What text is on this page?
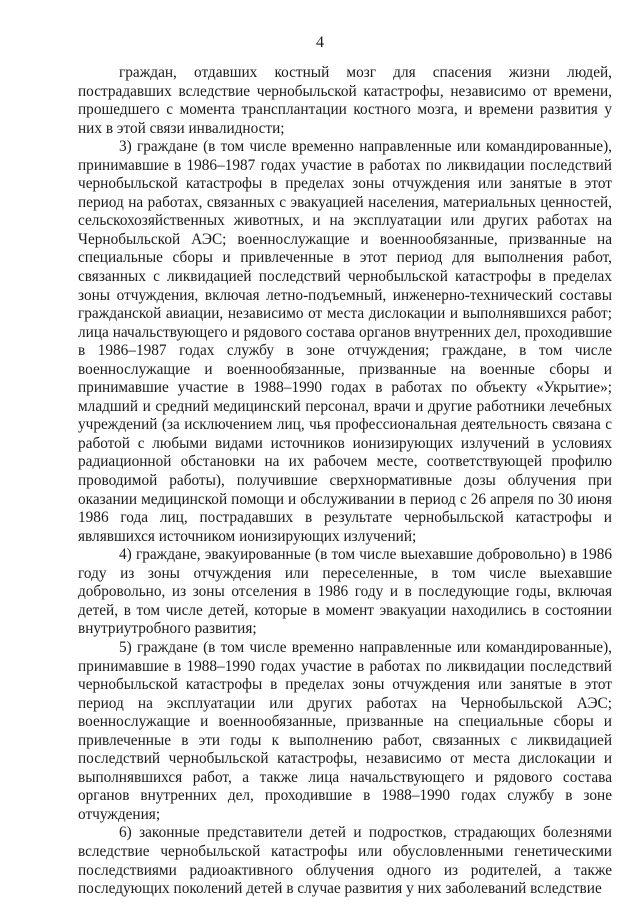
4

граждан, отдавших костный мозг для спасения жизни людей, пострадавших вследствие чернобыльской катастрофы, независимо от времени, прошедшего с момента трансплантации костного мозга, и времени развития у них в этой связи инвалидности;

3) граждане (в том числе временно направленные или командированные), принимавшие в 1986–1987 годах участие в работах по ликвидации последствий чернобыльской катастрофы в пределах зоны отчуждения или занятые в этот период на работах, связанных с эвакуацией населения, материальных ценностей, сельскохозяйственных животных, и на эксплуатации или других работах на Чернобыльской АЭС; военнослужащие и военнообязанные, призванные на специальные сборы и привлеченные в этот период для выполнения работ, связанных с ликвидацией последствий чернобыльской катастрофы в пределах зоны отчуждения, включая летно-подъемный, инженерно-технический составы гражданской авиации, независимо от места дислокации и выполнявшихся работ; лица начальствующего и рядового состава органов внутренних дел, проходившие в 1986–1987 годах службу в зоне отчуждения; граждане, в том числе военнослужащие и военнообязанные, призванные на военные сборы и принимавшие участие в 1988–1990 годах в работах по объекту «Укрытие»; младший и средний медицинский персонал, врачи и другие работники лечебных учреждений (за исключением лиц, чья профессиональная деятельность связана с работой с любыми видами источников ионизирующих излучений в условиях радиационной обстановки на их рабочем месте, соответствующей профилю проводимой работы), получившие сверхнормативные дозы облучения при оказании медицинской помощи и обслуживании в период с 26 апреля по 30 июня 1986 года лиц, пострадавших в результате чернобыльской катастрофы и являвшихся источником ионизирующих излучений;

4) граждане, эвакуированные (в том числе выехавшие добровольно) в 1986 году из зоны отчуждения или переселенные, в том числе выехавшие добровольно, из зоны отселения в 1986 году и в последующие годы, включая детей, в том числе детей, которые в момент эвакуации находились в состоянии внутриутробного развития;

5) граждане (в том числе временно направленные или командированные), принимавшие в 1988–1990 годах участие в работах по ликвидации последствий чернобыльской катастрофы в пределах зоны отчуждения или занятые в этот период на эксплуатации или других работах на Чернобыльской АЭС; военнослужащие и военнообязанные, призванные на специальные сборы и привлеченные в эти годы к выполнению работ, связанных с ликвидацией последствий чернобыльской катастрофы, независимо от места дислокации и выполнявшихся работ, а также лица начальствующего и рядового состава органов внутренних дел, проходившие в 1988–1990 годах службу в зоне отчуждения;

6) законные представители детей и подростков, страдающих болезнями вследствие чернобыльской катастрофы или обусловленными генетическими последствиями радиоактивного облучения одного из родителей, а также последующих поколений детей в случае развития у них заболеваний вследствие
